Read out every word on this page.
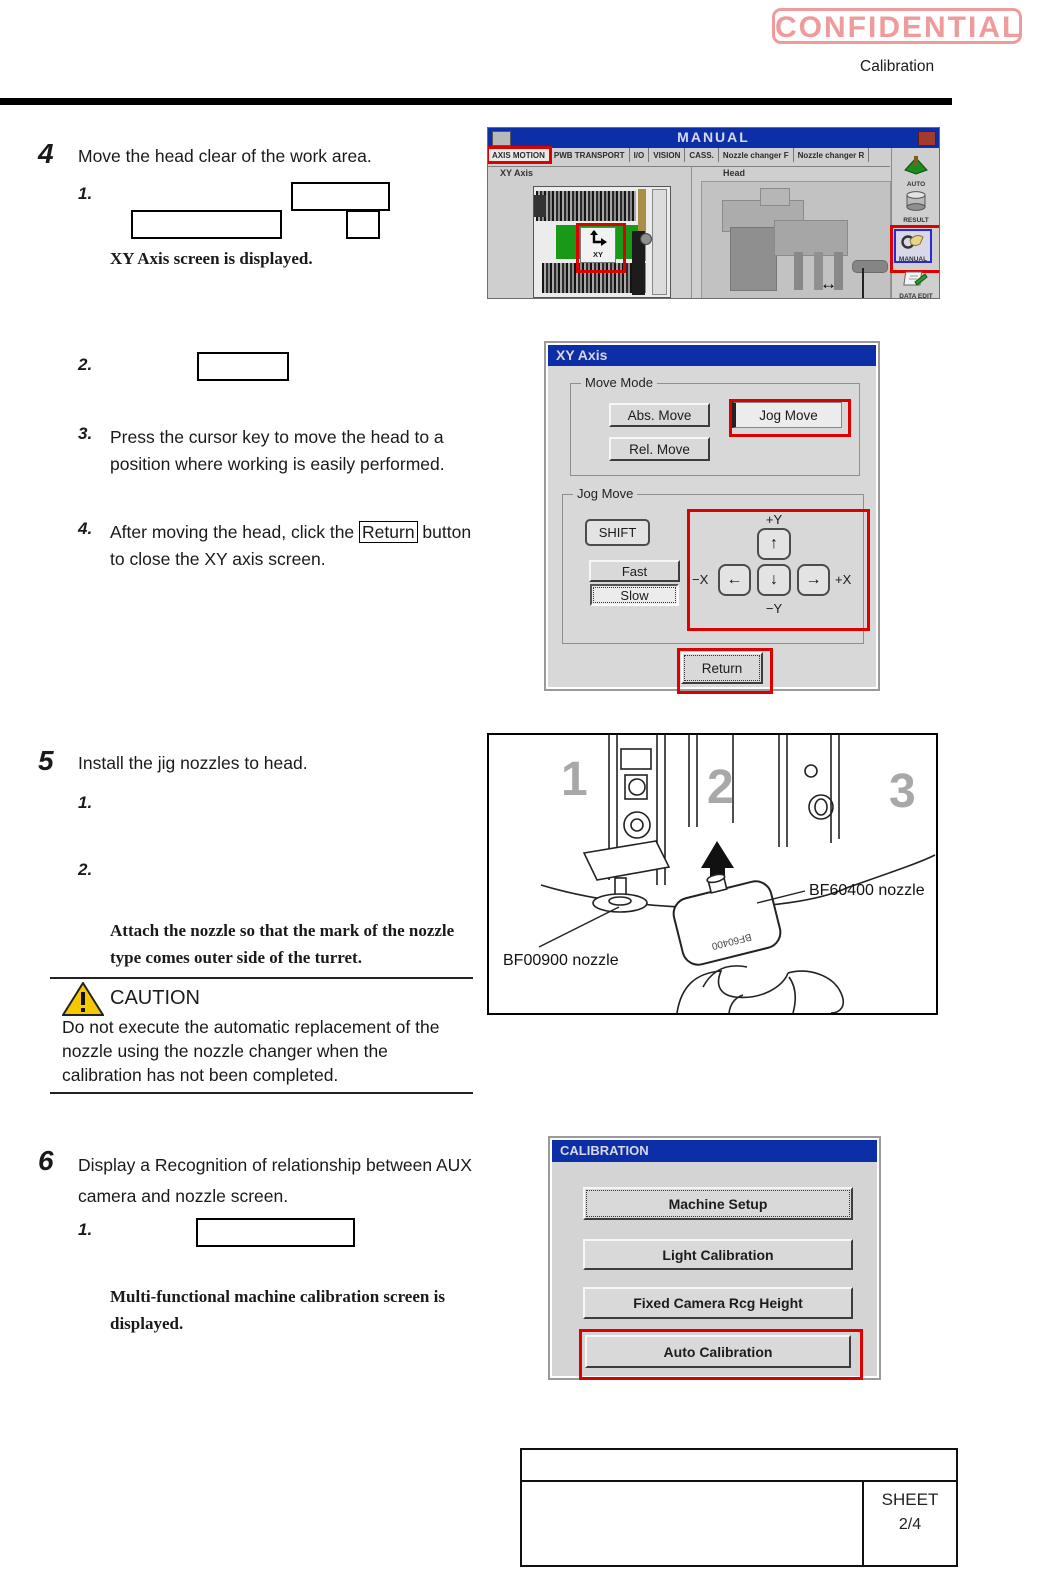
CONFIDENTIAL
Calibration
4 Move the head clear of the work area.
1.
XY Axis screen is displayed.
2.
3. Press the cursor key to move the head to a position where working is easily performed.
4. After moving the head, click the Return button to close the XY axis screen.
MANUAL
AXIS MOTION PWB TRANSPORT I/O VISION CASS. Nozzle changer F Nozzle changer R
XY Axis
XY
Head
↔
AUTO
RESULT
MANUAL
DATA EDIT
XY Axis
Move Mode
Abs. Move
Rel. Move
Jog Move
Jog Move
SHIFT
Fast
Slow
+Y
↑
−X	←	↓	→	+X
−Y
Return
5 Install the jig nozzles to head.
1.
2.
Attach the nozzle so that the mark of the nozzle type comes outer side of the turret.
1 2	3
BF60400
BF60400 nozzle
BF00900 nozzle
CAUTION
Do not execute the automatic replacement of the nozzle using the nozzle changer when the calibration has not been completed.
6 Display a Recognition of relationship between AUX camera and nozzle screen.
1.
Multi-functional machine calibration screen is displayed.
CALIBRATION
Machine Setup
Light Calibration
Fixed Camera Rcg Height
Auto Calibration
SHEET
2/4
